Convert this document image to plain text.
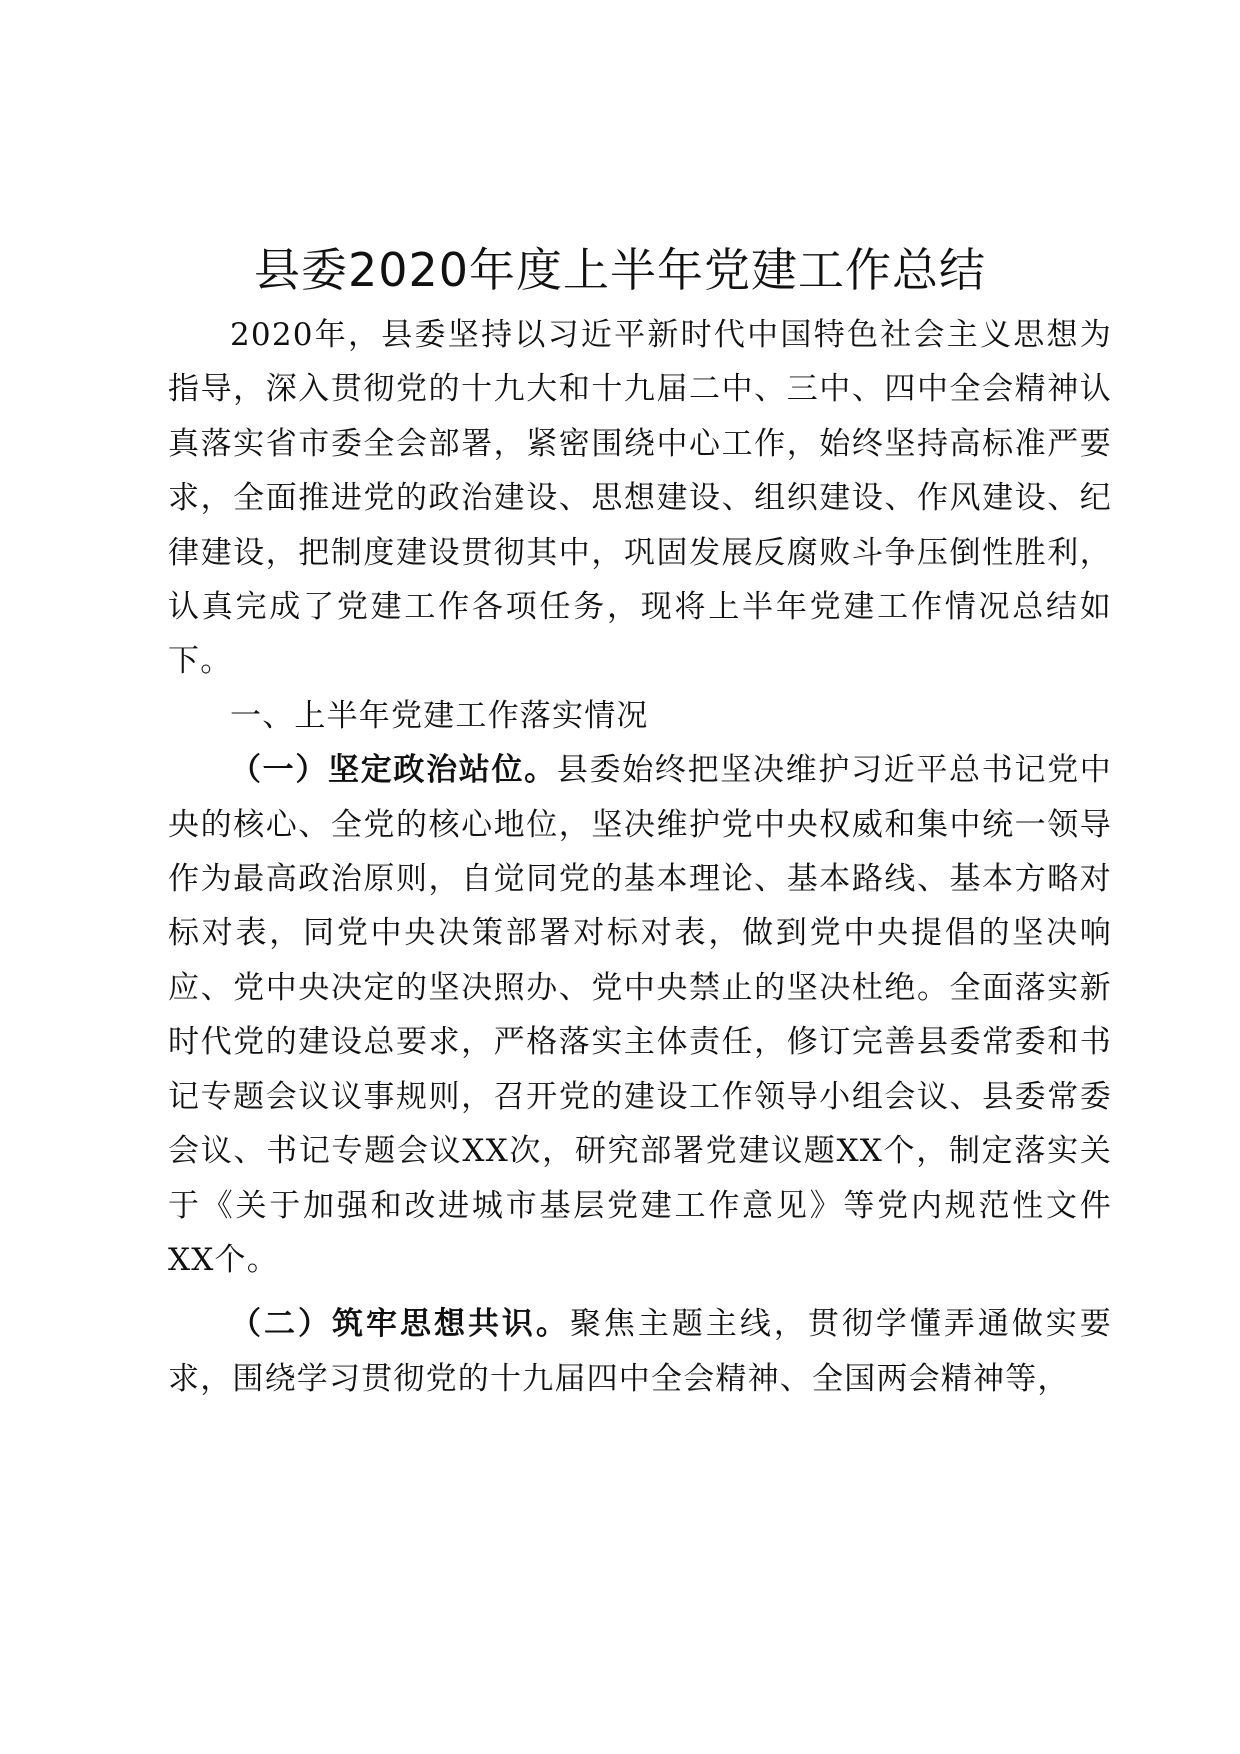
县委2020年度上半年党建工作总结

2020年，县委坚持以习近平新时代中国特色社会主义思想为指导，深入贯彻党的十九大和十九届二中、三中、四中全会精神认真落实省市委全会部署，紧密围绕中心工作，始终坚持高标准严要求，全面推进党的政治建设、思想建设、组织建设、作风建设、纪律建设，把制度建设贯彻其中，巩固发展反腐败斗争压倒性胜利，认真完成了党建工作各项任务，现将上半年党建工作情况总结如下。

一、上半年党建工作落实情况

（一）坚定政治站位。县委始终把坚决维护习近平总书记党中央的核心、全党的核心地位，坚决维护党中央权威和集中统一领导作为最高政治原则，自觉同党的基本理论、基本路线、基本方略对标对表，同党中央决策部署对标对表，做到党中央提倡的坚决响应、党中央决定的坚决照办、党中央禁止的坚决杜绝。全面落实新时代党的建设总要求，严格落实主体责任，修订完善县委常委和书记专题会议议事规则，召开党的建设工作领导小组会议、县委常委会议、书记专题会议XX次，研究部署党建议题XX个，制定落实关于《关于加强和改进城市基层党建工作意见》等党内规范性文件XX个。

（二）筑牢思想共识。聚焦主题主线，贯彻学懂弄通做实要求，围绕学习贯彻党的十九届四中全会精神、全国两会精神等，
